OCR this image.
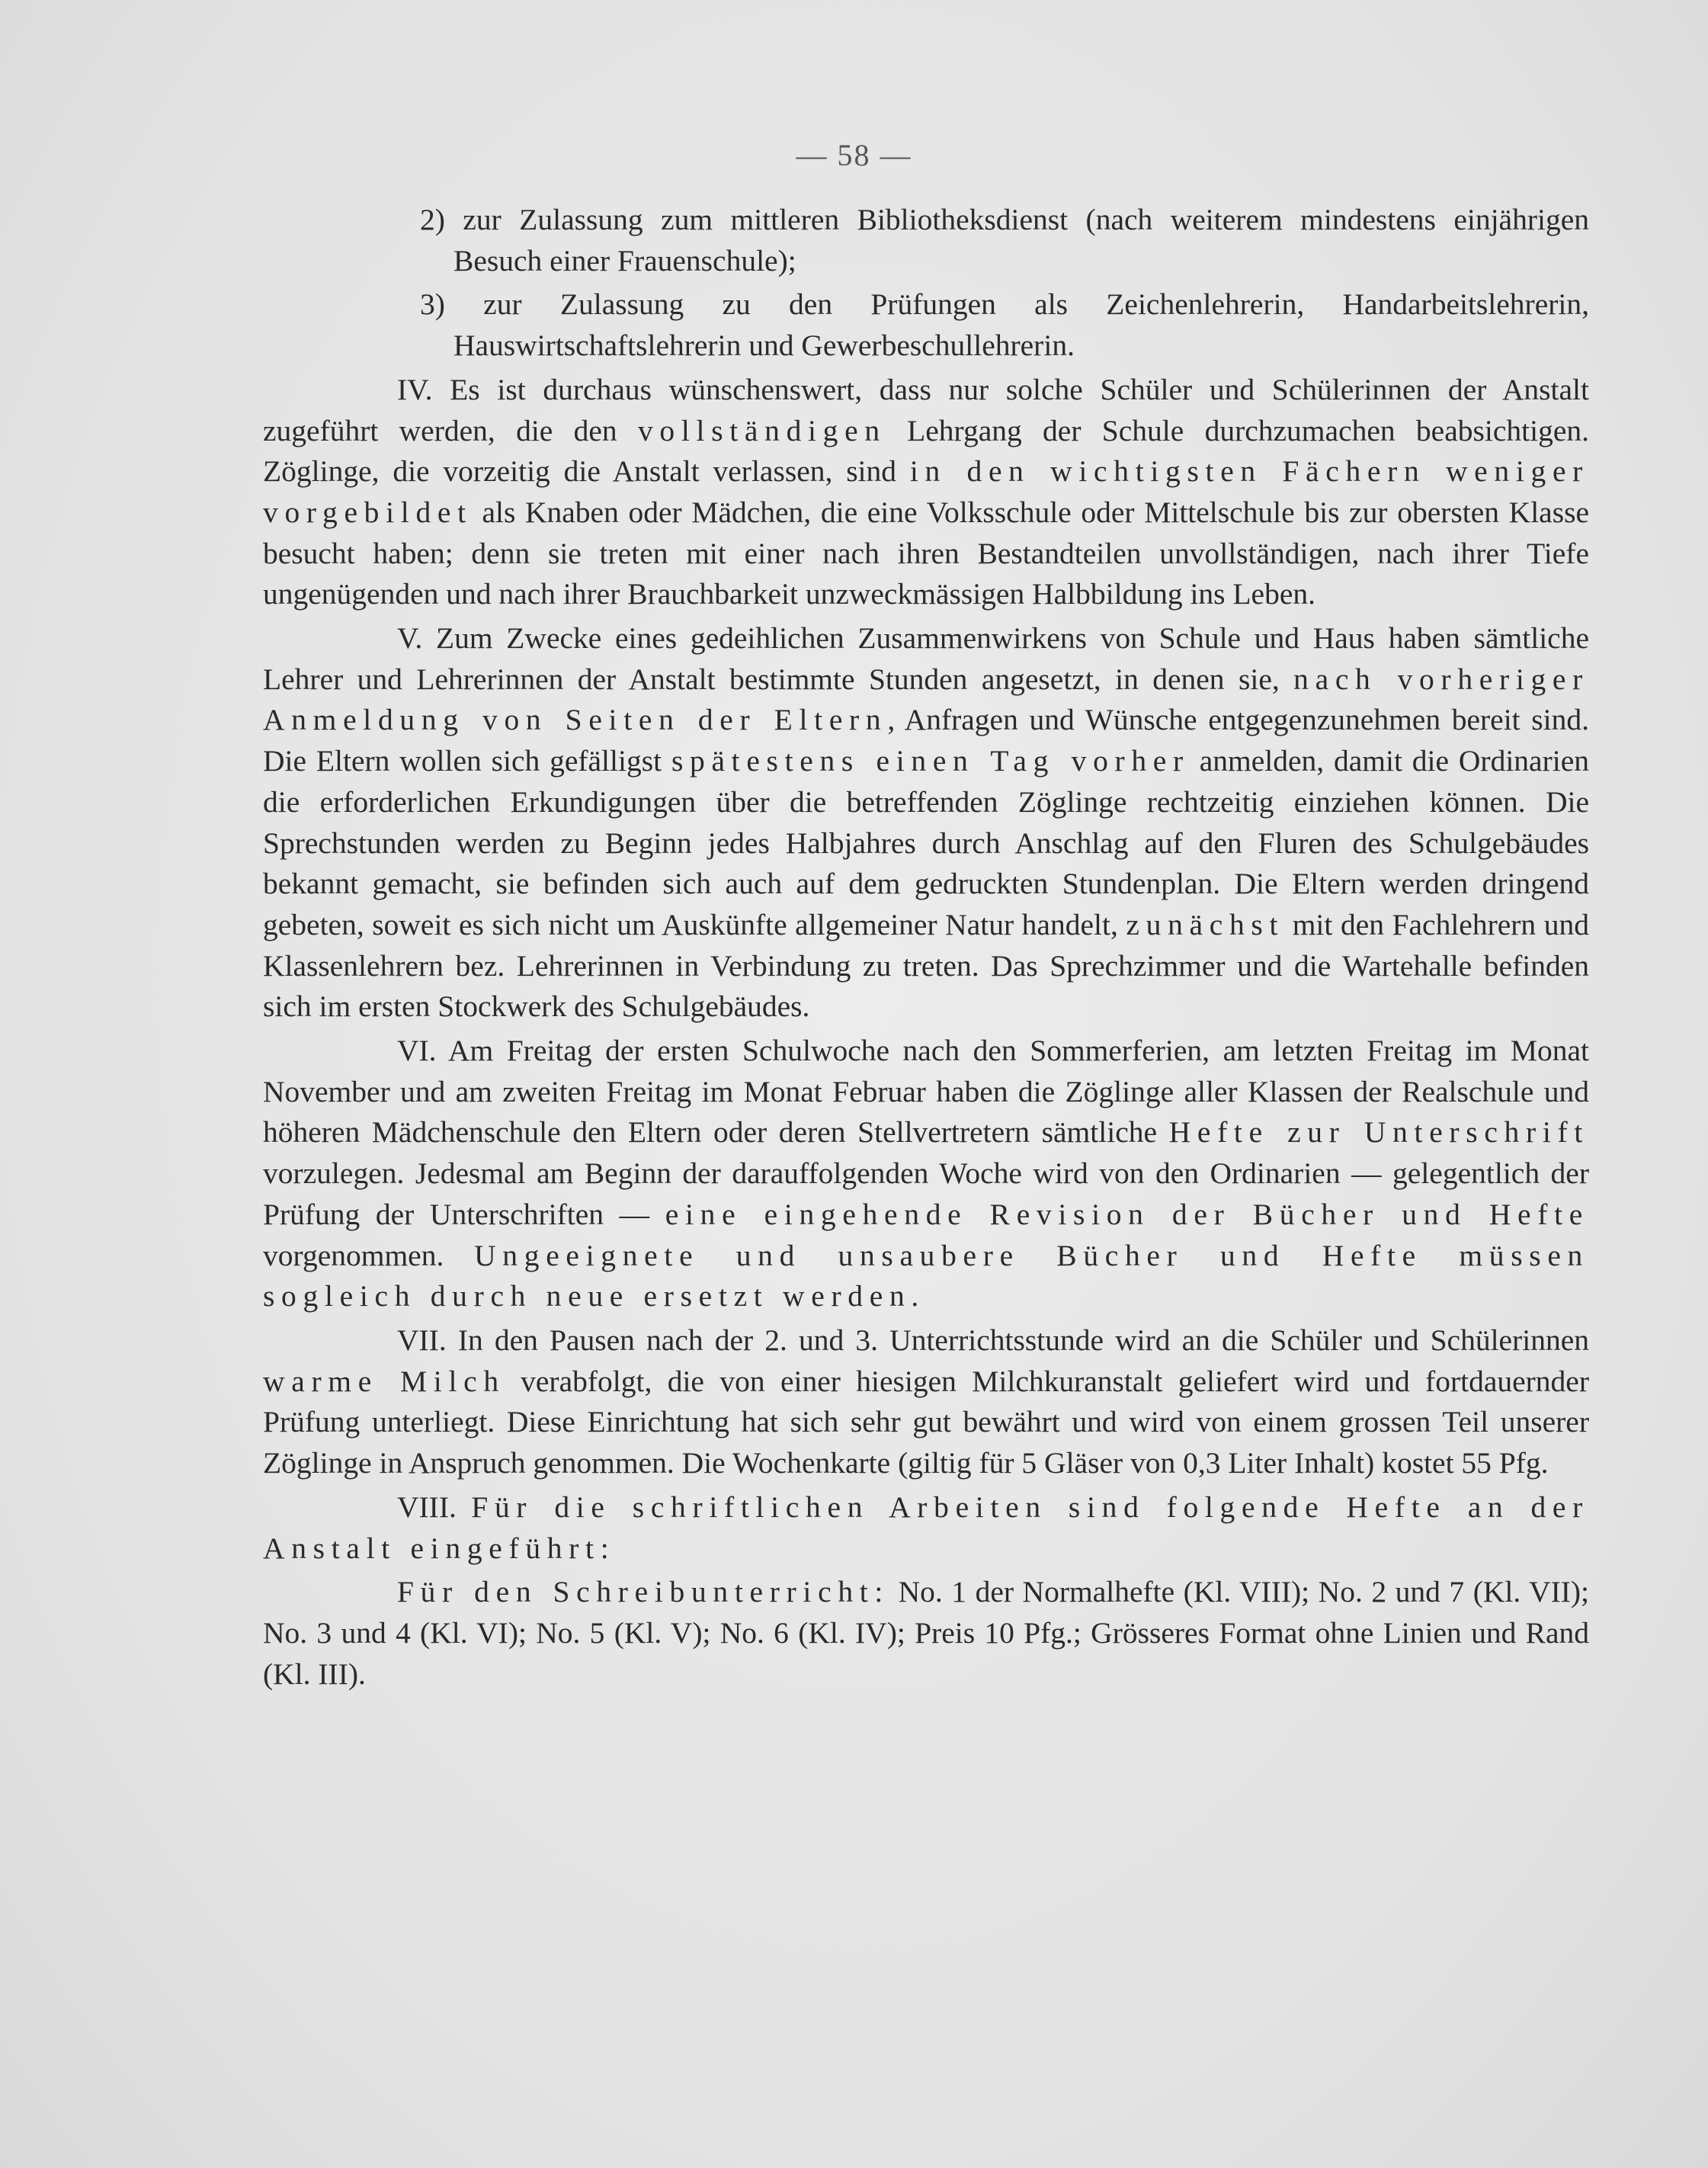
— 58 —

2) zur Zulassung zum mittleren Bibliotheksdienst (nach weiterem mindestens einjährigen Besuch einer Frauenschule);

3) zur Zulassung zu den Prüfungen als Zeichenlehrerin, Handarbeitslehrerin, Hauswirtschaftslehrerin und Gewerbeschullehrerin.

IV. Es ist durchaus wünschenswert, dass nur solche Schüler und Schülerinnen der Anstalt zugeführt werden, die den vollständigen Lehrgang der Schule durchzumachen beabsichtigen. Zöglinge, die vorzeitig die Anstalt verlassen, sind in den wichtigsten Fächern weniger vorgebildet als Knaben oder Mädchen, die eine Volksschule oder Mittelschule bis zur obersten Klasse besucht haben; denn sie treten mit einer nach ihren Bestandteilen unvollständigen, nach ihrer Tiefe ungenügenden und nach ihrer Brauchbarkeit unzweckmässigen Halbbildung ins Leben.

V. Zum Zwecke eines gedeihlichen Zusammenwirkens von Schule und Haus haben sämtliche Lehrer und Lehrerinnen der Anstalt bestimmte Stunden angesetzt, in denen sie, nach vorheriger Anmeldung von Seiten der Eltern, Anfragen und Wünsche entgegenzunehmen bereit sind. Die Eltern wollen sich gefälligst spätestens einen Tag vorher anmelden, damit die Ordinarien die erforderlichen Erkundigungen über die betreffenden Zöglinge rechtzeitig einziehen können. Die Sprechstunden werden zu Beginn jedes Halbjahres durch Anschlag auf den Fluren des Schulgebäudes bekannt gemacht, sie befinden sich auch auf dem gedruckten Stundenplan. Die Eltern werden dringend gebeten, soweit es sich nicht um Auskünfte allgemeiner Natur handelt, zunächst mit den Fachlehrern und Klassenlehrern bez. Lehrerinnen in Verbindung zu treten. Das Sprechzimmer und die Wartehalle befinden sich im ersten Stockwerk des Schulgebäudes.

VI. Am Freitag der ersten Schulwoche nach den Sommerferien, am letzten Freitag im Monat November und am zweiten Freitag im Monat Februar haben die Zöglinge aller Klassen der Realschule und höheren Mädchenschule den Eltern oder deren Stellvertretern sämtliche Hefte zur Unterschrift vorzulegen. Jedesmal am Beginn der darauffolgenden Woche wird von den Ordinarien — gelegentlich der Prüfung der Unterschriften — eine eingehende Revision der Bücher und Hefte vorgenommen. Ungeeignete und unsaubere Bücher und Hefte müssen sogleich durch neue ersetzt werden.

VII. In den Pausen nach der 2. und 3. Unterrichtsstunde wird an die Schüler und Schülerinnen warme Milch verabfolgt, die von einer hiesigen Milchkuranstalt geliefert wird und fortdauernder Prüfung unterliegt. Diese Einrichtung hat sich sehr gut bewährt und wird von einem grossen Teil unserer Zöglinge in Anspruch genommen. Die Wochenkarte (giltig für 5 Gläser von 0,3 Liter Inhalt) kostet 55 Pfg.

VIII. Für die schriftlichen Arbeiten sind folgende Hefte an der Anstalt eingeführt:

Für den Schreibunterricht: No. 1 der Normalhefte (Kl. VIII); No. 2 und 7 (Kl. VII); No. 3 und 4 (Kl. VI); No. 5 (Kl. V); No. 6 (Kl. IV); Preis 10 Pfg.; Grösseres Format ohne Linien und Rand (Kl. III).
